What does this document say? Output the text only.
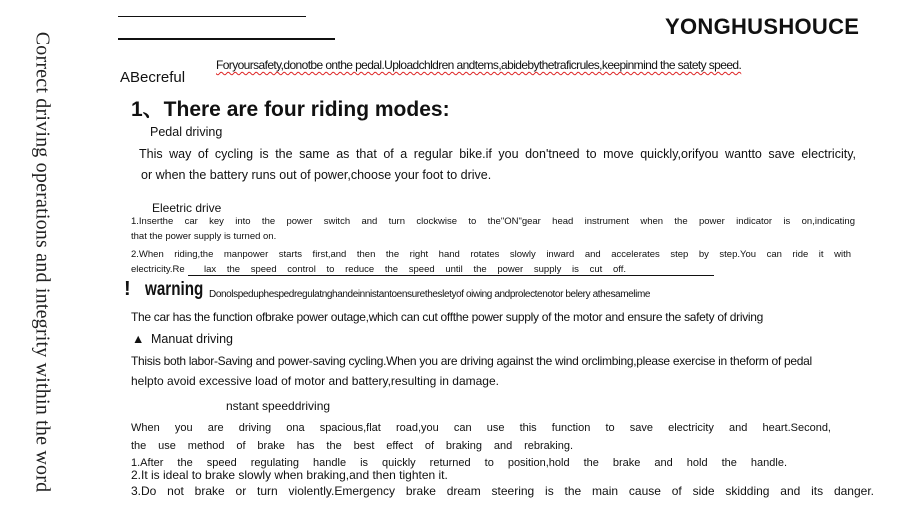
Correct driving operations and integrity within the word
YONGHUSHOUCE
Foryoursafety,donotbe onthe pedal.Uploadchldren andtems,abidebythetraficrules,keepinmind the satety speed.
ABecreful
1、There are four riding modes:
Pedal driving
This way of cycling is the same as that of a regular bike.if you don'tneed to move quickly,orifyou wantto save electricity,
or when the battery runs out of power,choose your foot to drive.
Eleetric drive
1.Inserthe car key into the power switch and turn clockwise to the"ON"gear head instrument when the power indicator is on,indicating
that the power supply is turned on.
2.When riding,the manpower starts first,and then the right hand rotates slowly inward and accelerates step by step.You can ride it with
electricity.Re lax the speed control to reduce the speed until the power supply is cut off.
! warning Donolspeduphespedregulatnghandeinnistantoensurethesletyof oiwing andprolectenotor belery athesamelime
The car has the function ofbrake power outage,which can cut offthe power supply of the motor and ensure the safety of driving
▲ Manuat driving
Thisis both labor-Saving and power-saving cycling.When you are driving against the wind orclimbing,please exercise in theform of pedal
helpto avoid excessive load of motor and battery,resulting in damage.
nstant speeddriving
When you are driving ona spacious,flat road,you can use this function to save electricity and heart.Second,
the use method of brake has the best effect of braking and rebraking.
1.After the speed regulating handle is quickly returned to position,hold the brake and hold the handle.
2.It is ideal to brake slowly when braking,and then tighten it.
3.Do not brake or turn violently.Emergency brake dream steering is the main cause of side skidding and its danger.
